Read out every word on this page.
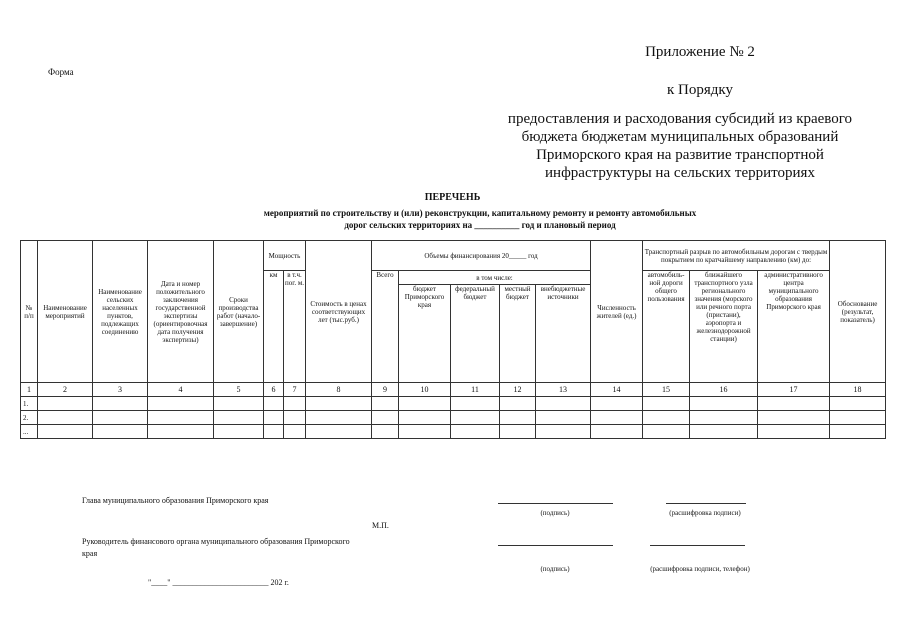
Приложение № 2
Форма
к Порядку
предоставления и расходования субсидий из краевого
бюджета бюджетам муниципальных образований
Приморского края на развитие транспортной
инфраструктуры на сельских территориях
ПЕРЕЧЕНЬ
мероприятий по строительству и (или) реконструкции, капитальному ремонту и ремонту автомобильных
дорог сельских территориях на __________ год и плановый период
№ п/п	Наименование мероприятий	Наименование сельских населенных пунктов, подлежащих соединению	Дата и номер положительного заключения государственной экспертизы (ориентировочная дата получения экспертизы)	Сроки производства работ (начало-завершение)	Мощность		Стоимость в ценах соответствующих лет (тыс.руб.)	Объемы финансирования 20_____ год					Численность жителей (ед.)	Транспортный разрыв по автомобильным дорогам с твердым покрытием по кратчайшему направлению (км) до:			Обоснование (результат, показатель)
					км	в т.ч. пог. м.		Всего	в том числе:					автомобиль-ной дороги общего пользования	ближайшего транспортного узла регионального значения (морского или речного порта (пристани), аэропорта и железнодорожной станции)	административного центра муниципального образования Приморского края	
									бюджет Приморского края	федеральный бюджет	местный бюджет	внебюджетные источники					
1	2	3	4	5	6	7	8	9	10	11	12	13	14	15	16	17	18
1.																	
2.																	
...																	
Глава муниципального образования Приморского края
(подпись)	(расшифровка подписи)
М.П.
Руководитель финансового органа муниципального образования Приморского
края
(подпись)	(расшифровка подписи, телефон)
"____" ________________________ 202 г.
